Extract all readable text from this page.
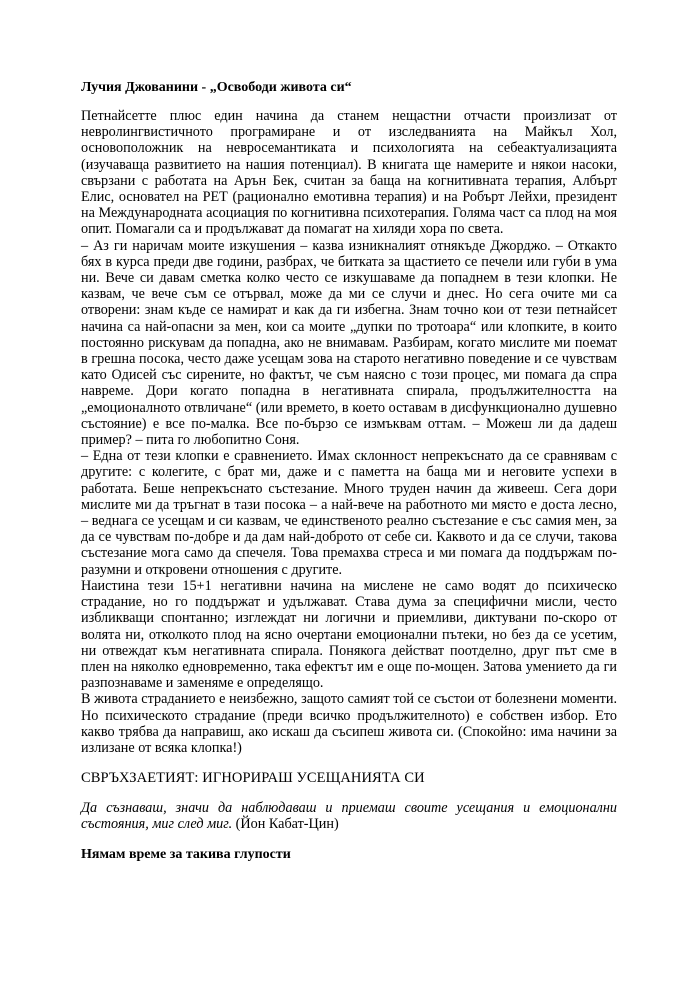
Лучия Джованини - „Освободи живота си“

Петнайсетте плюс един начина да станем нещастни отчасти произлизат от невролингвистичното програмиране и от изследванията на Майкъл Хол, основоположник на невросемантиката и психологията на себеактуализацията (изучаваща развитието на нашия потенциал). В книгата ще намерите и някои насоки, свързани с работата на Арън Бек, считан за баща на когнитивната терапия, Албърт Елис, основател на РЕТ (рационално емотивна терапия) и на Робърт Лейхи, президент на Международната асоциация по когнитивна психотерапия. Голяма част са плод на моя опит. Помагали са и продължават да помагат на хиляди хора по света.

– Аз ги наричам моите изкушения – казва изникналият отнякъде Джорджо. – Откакто бях в курса преди две години, разбрах, че битката за щастието се печели или губи в ума ни. Вече си давам сметка колко често се изкушаваме да попаднем в тези клопки. Не казвам, че вече съм се отървал, може да ми се случи и днес. Но сега очите ми са отворени: знам къде се намират и как да ги избегна. Знам точно кои от тези петнайсет начина са най-опасни за мен, кои са моите „дупки по тротоара“ или клопките, в които постоянно рискувам да попадна, ако не внимавам. Разбирам, когато мислите ми поемат в грешна посока, често даже усещам зова на старото негативно поведение и се чувствам като Одисей със сирените, но фактът, че съм наясно с този процес, ми помага да спра навреме. Дори когато попадна в негативната спирала, продължителността на „емоционалното отвличане“ (или времето, в което оставам в дисфункционално душевно състояние) е все по-малка. Все по-бързо се измъквам оттам. – Можеш ли да дадеш пример? – пита го любопитно Соня.

– Една от тези клопки е сравнението. Имах склонност непрекъснато да се сравнявам с другите: с колегите, с брат ми, даже и с паметта на баща ми и неговите успехи в работата. Беше непрекъснато състезание. Много труден начин да живееш. Сега дори мислите ми да тръгнат в тази посока – а най-вече на работното ми място е доста лесно, – веднага се усещам и си казвам, че единственото реално състезание е със самия мен, за да се чувствам по-добре и да дам най-доброто от себе си. Каквото и да се случи, такова състезание мога само да спечеля. Това премахва стреса и ми помага да поддържам по-разумни и откровени отношения с другите.

Наистина тези 15+1 негативни начина на мислене не само водят до психическо страдание, но го поддържат и удължават. Става дума за специфични мисли, често избликващи спонтанно; изглеждат ни логични и приемливи, диктувани по-скоро от волята ни, отколкото плод на ясно очертани емоционални пътеки, но без да се усетим, ни отвеждат към негативната спирала. Понякога действат поотделно, друг път сме в плен на няколко едновременно, така ефектът им е още по-мощен. Затова умението да ги разпознаваме и заменяме е определящо.

В живота страданието е неизбежно, защото самият той се състои от болезнени моменти. Но психическото страдание (преди всичко продължителното) е собствен избор. Ето какво трябва да направиш, ако искаш да съсипеш живота си. (Спокойно: има начини за излизане от всяка клопка!)

СВРЪХЗАЕТИЯТ: ИГНОРИРАШ УСЕЩАНИЯТА СИ

Да съзнаваш, значи да наблюдаваш и приемаш своите усещания и емоционални състояния, миг след миг. (Йон Кабат-Цин)

Нямам време за такива глупости
